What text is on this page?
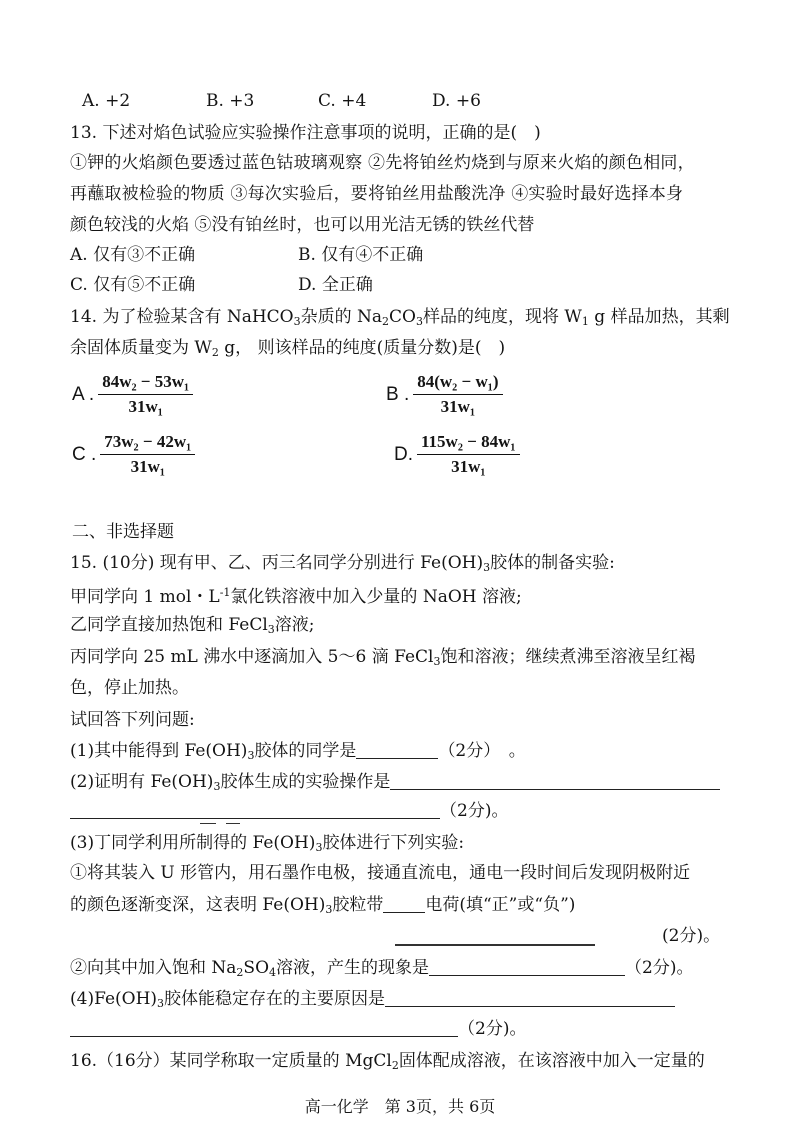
A. +2	B. +3	C. +4	D. +6
13. 下述对焰色试验应实验操作注意事项的说明，正确的是(　)
①钾的火焰颜色要透过蓝色钴玻璃观察 ②先将铂丝灼烧到与原来火焰的颜色相同，
再蘸取被检验的物质 ③每次实验后，要将铂丝用盐酸洗净 ④实验时最好选择本身
颜色较浅的火焰 ⑤没有铂丝时，也可以用光洁无锈的铁丝代替
A. 仅有③不正确	B. 仅有④不正确
C. 仅有⑤不正确	D. 全正确
14. 为了检验某含有 NaHCO$_3$杂质的 $Na_2CO_3$样品的纯度，现将 $W_1$ g 样品加热，其剩
余固体质量变为 $W_2$ g， 则该样品的纯度(质量分数)是(　)
A . $\frac{\text{84w₂ − 53w₁}}{\text{31w₁}}$	B . $\frac{\text{84(w₂ − w₁)}}{\text{31w₁}}$
C . $\frac{\text{73w₂ − 42w₁}}{\text{31w₁}}$	D. $\frac{\text{115w₂ − 84w₁}}{\text{31w₁}}$
二、非选择题
15. (10分) 现有甲、乙、丙三名同学分别进行 $Fe(OH)_3$胶体的制备实验:
甲同学向 1 mol・$L^{-1}$氯化铁溶液中加入少量的 NaOH 溶液;
乙同学直接加热饱和 FeCl$_3$溶液;
丙同学向 25 mL 沸水中逐滴加入 5～6 滴 FeCl$_3$饱和溶液；继续煮沸至溶液呈红褐
色，停止加热。
试回答下列问题:
(1)其中能得到 $Fe(OH)_3$胶体的同学是	（2分）　。
(2)证明有 $Fe(OH)_3$胶体生成的实验操作是
（2分)。
(3)丁同学利用所制得的 $Fe(OH)_3$胶体进行下列实验:
①将其装入 U 形管内，用石墨作电极，接通直流电，通电一段时间后发现阴极附近
的颜色逐渐变深，这表明 $Fe(OH)_3$胶粒带 电荷(填“正”或“负”)
(2分)。
②向其中加入饱和 $Na_2SO_4$溶液，产生的现象是	（2分)。
$(4)Fe(OH)_3$胶体能稳定存在的主要原因是
（2分)。
16.（16分）某同学称取一定质量的 MgCl$_2$固体配成溶液，在该溶液中加入一定量的
高一化学　第 3页，共 6页
